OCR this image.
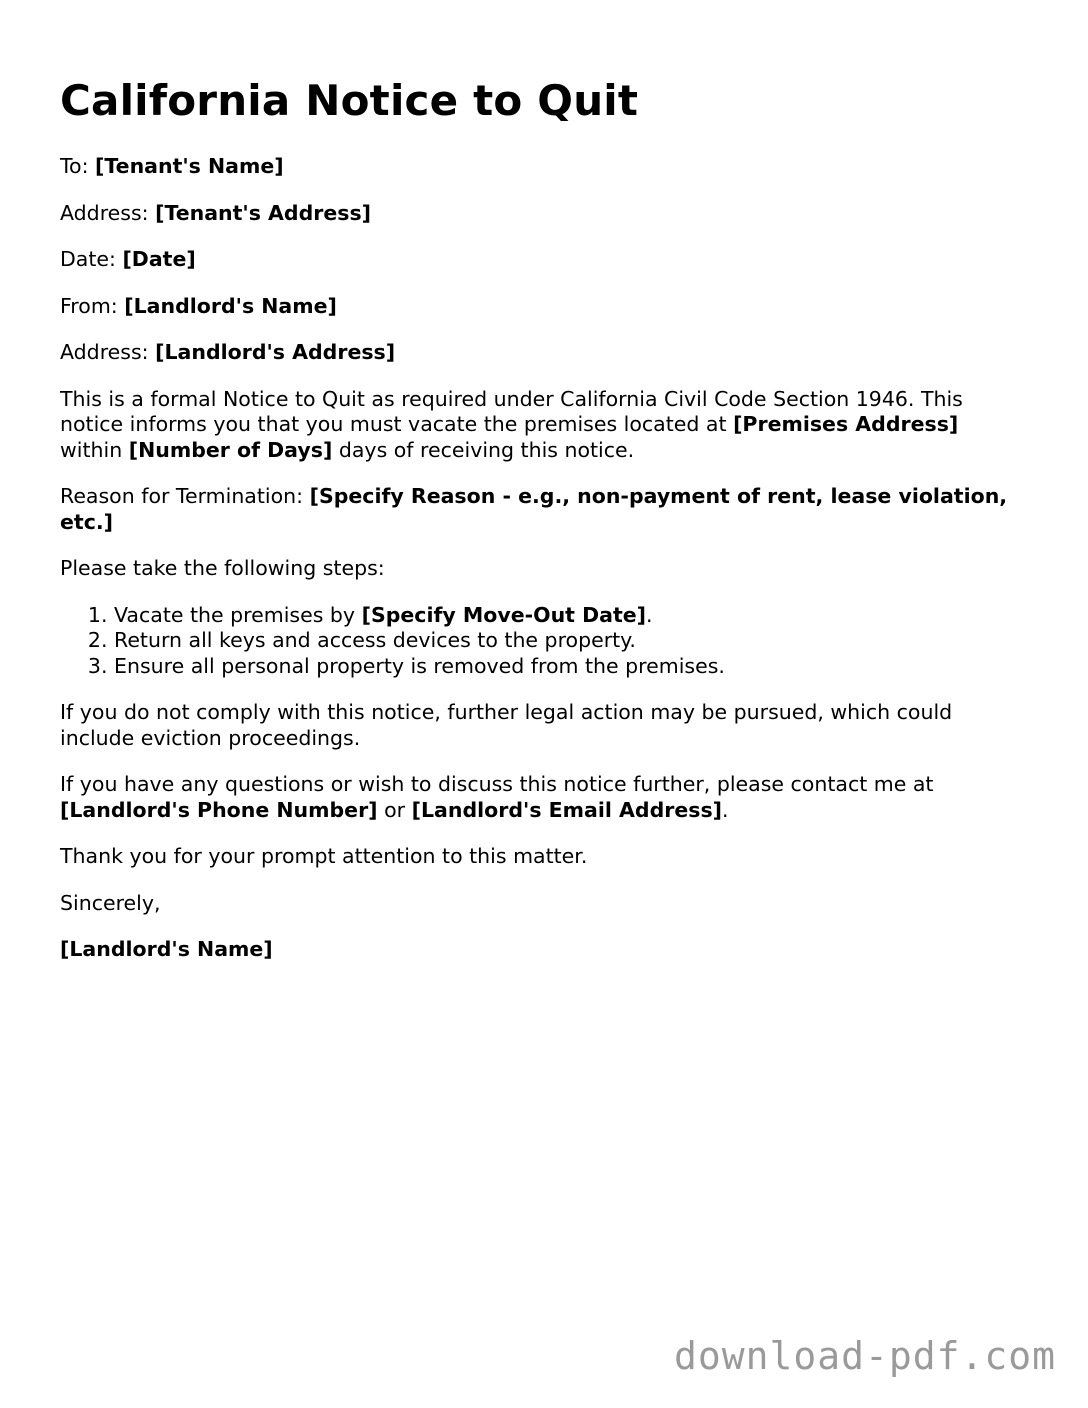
California Notice to Quit

To: [Tenant's Name]

Address: [Tenant's Address]

Date: [Date]

From: [Landlord's Name]

Address: [Landlord's Address]

This is a formal Notice to Quit as required under California Civil Code Section 1946. This notice informs you that you must vacate the premises located at [Premises Address] within [Number of Days] days of receiving this notice.

Reason for Termination: [Specify Reason - e.g., non-payment of rent, lease violation, etc.]

Please take the following steps:

1. Vacate the premises by [Specify Move-Out Date].
2. Return all keys and access devices to the property.
3. Ensure all personal property is removed from the premises.

If you do not comply with this notice, further legal action may be pursued, which could include eviction proceedings.

If you have any questions or wish to discuss this notice further, please contact me at [Landlord's Phone Number] or [Landlord's Email Address].

Thank you for your prompt attention to this matter.

Sincerely,

[Landlord's Name]

download-pdf.com
